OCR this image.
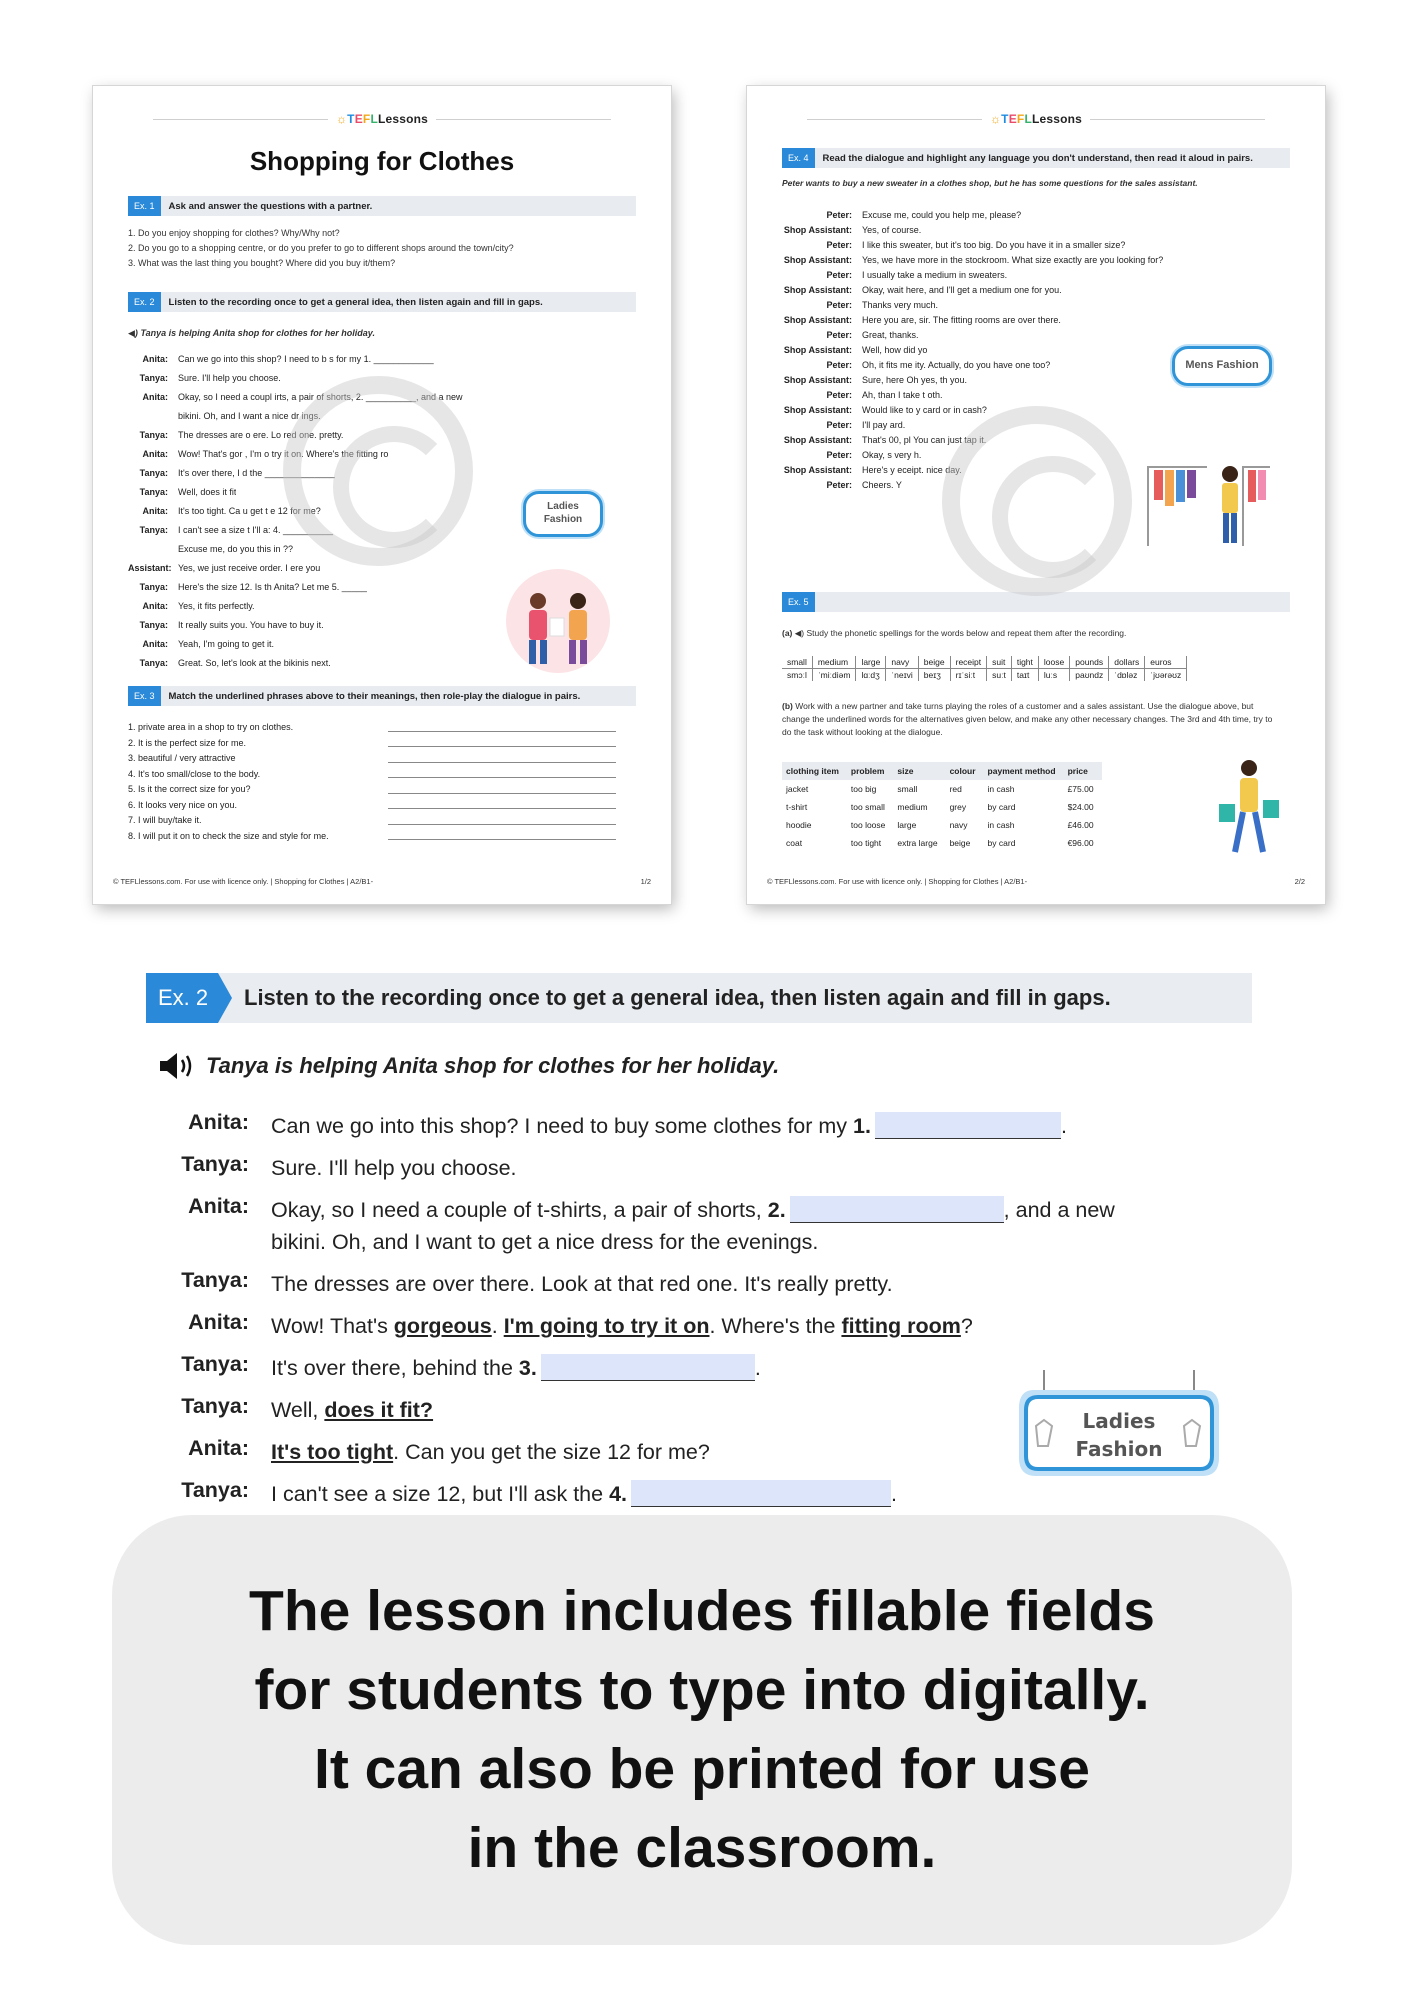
☼TEFLLessons
Shopping for Clothes
Ex. 1	Ask and answer the questions with a partner.
1. Do you enjoy shopping for clothes? Why/Why not?
2. Do you go to a shopping centre, or do you prefer to go to different shops around the town/city?
3. What was the last thing you bought? Where did you buy it/them?
Ex. 2	Listen to the recording once to get a general idea, then listen again and fill in gaps.
◀) Tanya is helping Anita shop for clothes for her holiday.
Anita:	Can we go into this shop? I need to b s for my 1. ____________
Tanya:	Sure. I'll help you choose.
Anita:	Okay, so I need a coupl irts, a pair of shorts, 2. __________, and a new
bikini. Oh, and I want a nice dr ings.
Tanya:	The dresses are o ere. Lo red one. pretty.
Anita:	Wow! That's gor , I'm o try it on. Where's the fitting ro
Tanya:	It's over there, I d the ______________
Tanya:	Well, does it fit
Anita:	It's too tight. Ca u get t e 12 for me?
Tanya:	I can't see a size t I'll a: 4. __________
Excuse me, do you this in ??
Assistant: Yes, we just receive order. I ere you
Tanya:	Here's the size 12. Is th Anita? Let me 5. _____
Anita:	Yes, it fits perfectly.
Tanya:	It really suits you. You have to buy it.
Anita:	Yeah, I'm going to get it.
Tanya:	Great. So, let's look at the bikinis next.
Ex. 3	Match the underlined phrases above to their meanings, then role-play the dialogue in pairs.
1. private area in a shop to try on clothes.
2. It is the perfect size for me.
3. beautiful / very attractive
4. It's too small/close to the body.
5. Is it the correct size for you?
6. It looks very nice on you.
7. I will buy/take it.
8. I will put it on to check the size and style for me.
Ladies
Fashion
© TEFLlessons.com. For use with licence only. | Shopping for Clothes | A2/B1-	1/2
☼TEFLLessons
Ex. 4	Read the dialogue and highlight any language you don't understand, then read it aloud in pairs.
Peter wants to buy a new sweater in a clothes shop, but he has some questions for the sales assistant.
Peter:	Excuse me, could you help me, please?
Shop Assistant:	Yes, of course.
Peter:	I like this sweater, but it's too big. Do you have it in a smaller size?
Shop Assistant:	Yes, we have more in the stockroom. What size exactly are you looking for?
Peter:	I usually take a medium in sweaters.
Shop Assistant:	Okay, wait here, and I'll get a medium one for you.
Peter:	Thanks very much.
Shop Assistant:	Here you are, sir. The fitting rooms are over there.
Peter:	Great, thanks.
Shop Assistant:	Well, how did yo
Peter:	Oh, it fits me ity. Actually, do you have one too?
Shop Assistant:	Sure, here Oh yes, th you.
Peter:	Ah, than I take t oth.
Shop Assistant:	Would like to y card or in cash?
Peter:	I'll pay ard.
Shop Assistant:	That's 00, pl You can just tap it.
Peter:	Okay, s very h.
Shop Assistant:	Here's y eceipt. nice day.
Peter:	Cheers. Y
Ex. 5
(a) ◀) Study the phonetic spellings for the words below and repeat them after the recording.
small	medium	large	navy	beige	receipt	suit	tight	loose	pounds	dollars	euros
smɔːl	ˈmiːdiəm	lɑːdʒ	ˈneɪvi	beɪʒ	rɪˈsiːt	suːt	taɪt	luːs	paʊndz	ˈdɒləz	ˈjʊərəʊz
(b) Work with a new partner and take turns playing the roles of a customer and a sales assistant. Use the dialogue above, but change the underlined words for the alternatives given below, and make any other necessary changes. The 3rd and 4th time, try to do the task without looking at the dialogue.
clothing item	problem	size	colour	payment method	price
jacket	too big	small	red	in cash	£75.00
t-shirt	too small	medium	grey	by card	$24.00
hoodie	too loose	large	navy	in cash	£46.00
coat	too tight	extra large	beige	by card	€96.00
Mens Fashion
© TEFLlessons.com. For use with licence only. | Shopping for Clothes | A2/B1-	2/2
Ex. 2	Listen to the recording once to get a general idea, then listen again and fill in gaps.
Tanya is helping Anita shop for clothes for her holiday.
Anita:	Can we go into this shop? I need to buy some clothes for my 1.	.
Tanya:	Sure. I'll help you choose.
Anita:	Okay, so I need a couple of t-shirts, a pair of shorts, 2.	, and a new
bikini. Oh, and I want to get a nice dress for the evenings.
Tanya:	The dresses are over there. Look at that red one. It's really pretty.
Anita:	Wow! That's gorgeous. I'm going to try it on. Where's the fitting room?
Tanya:	It's over there, behind the 3.	.
Tanya:	Well, does it fit?
Anita:	It's too tight. Can you get the size 12 for me?
Tanya:	I can't see a size 12, but I'll ask the 4.	.
Ladies
Fashion
The lesson includes fillable fields
for students to type into digitally.
It can also be printed for use
in the classroom.
